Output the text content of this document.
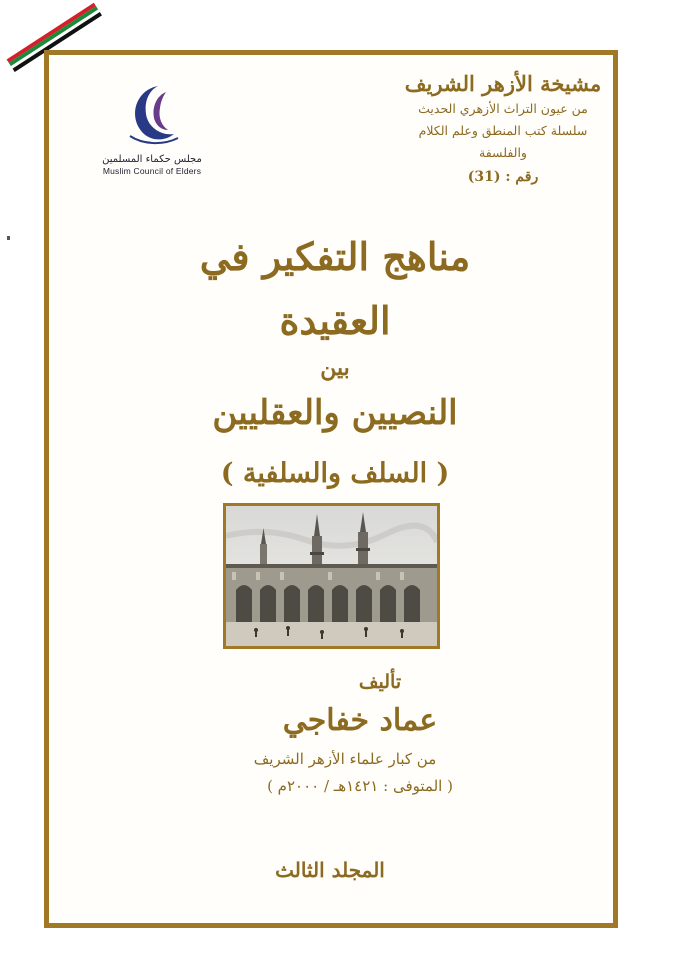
مجلس حكماء المسلمين
Muslim Council of Elders
مشيخة الأزهر الشريف
من عيون التراث الأزهري الحديث
سلسلة كتب المنطق وعلم الكلام والفلسفة
رقم : (31)
مناهج التفكير في العقيدة
بين
النصيين والعقليين
( السلف والسلفية )
تأليف
عماد خفاجي
من كبار علماء الأزهر الشريف
( المتوفى : ١٤٢١هـ / ٢٠٠٠م )
المجلد الثالث
